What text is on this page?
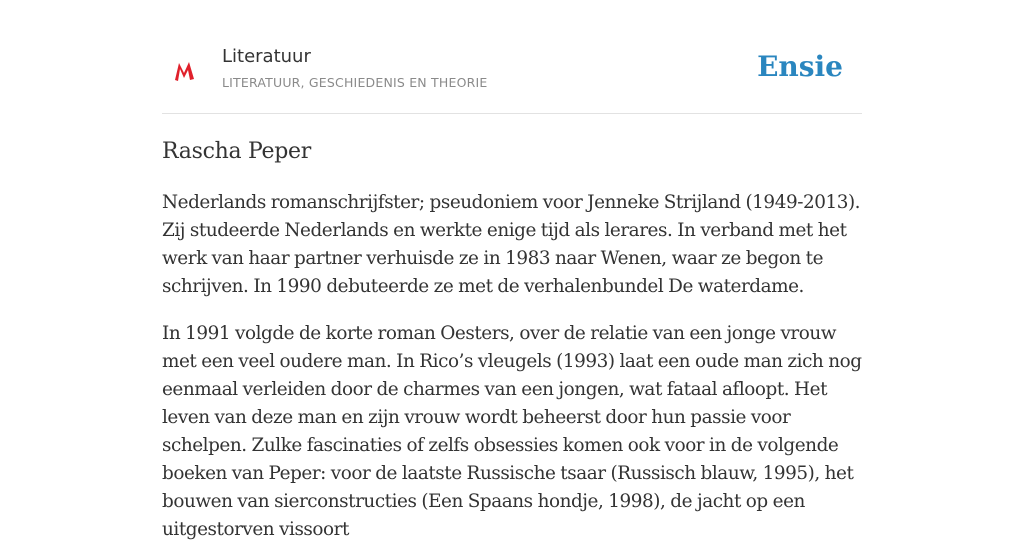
Literatuur
LITERATUUR, GESCHIEDENIS EN THEORIE	Ensie
Rascha Peper

Nederlands romanschrijfster; pseudoniem voor Jenneke Strijland (1949-2013). Zij studeerde Nederlands en werkte enige tijd als lerares. In verband met het werk van haar partner verhuisde ze in 1983 naar Wenen, waar ze begon te schrijven. In 1990 debuteerde ze met de verhalenbundel De waterdame.

In 1991 volgde de korte roman Oesters, over de relatie van een jonge vrouw met een veel oudere man. In Rico’s vleugels (1993) laat een oude man zich nog eenmaal verleiden door de charmes van een jongen, wat fataal afloopt. Het leven van deze man en zijn vrouw wordt beheerst door hun passie voor schelpen. Zulke fascinaties of zelfs obsessies komen ook voor in de volgende boeken van Peper: voor de laatste Russische tsaar (Russisch blauw, 1995), het bouwen van sierconstructies (Een Spaans hondje, 1998), de jacht op een uitgestorven vissoort
